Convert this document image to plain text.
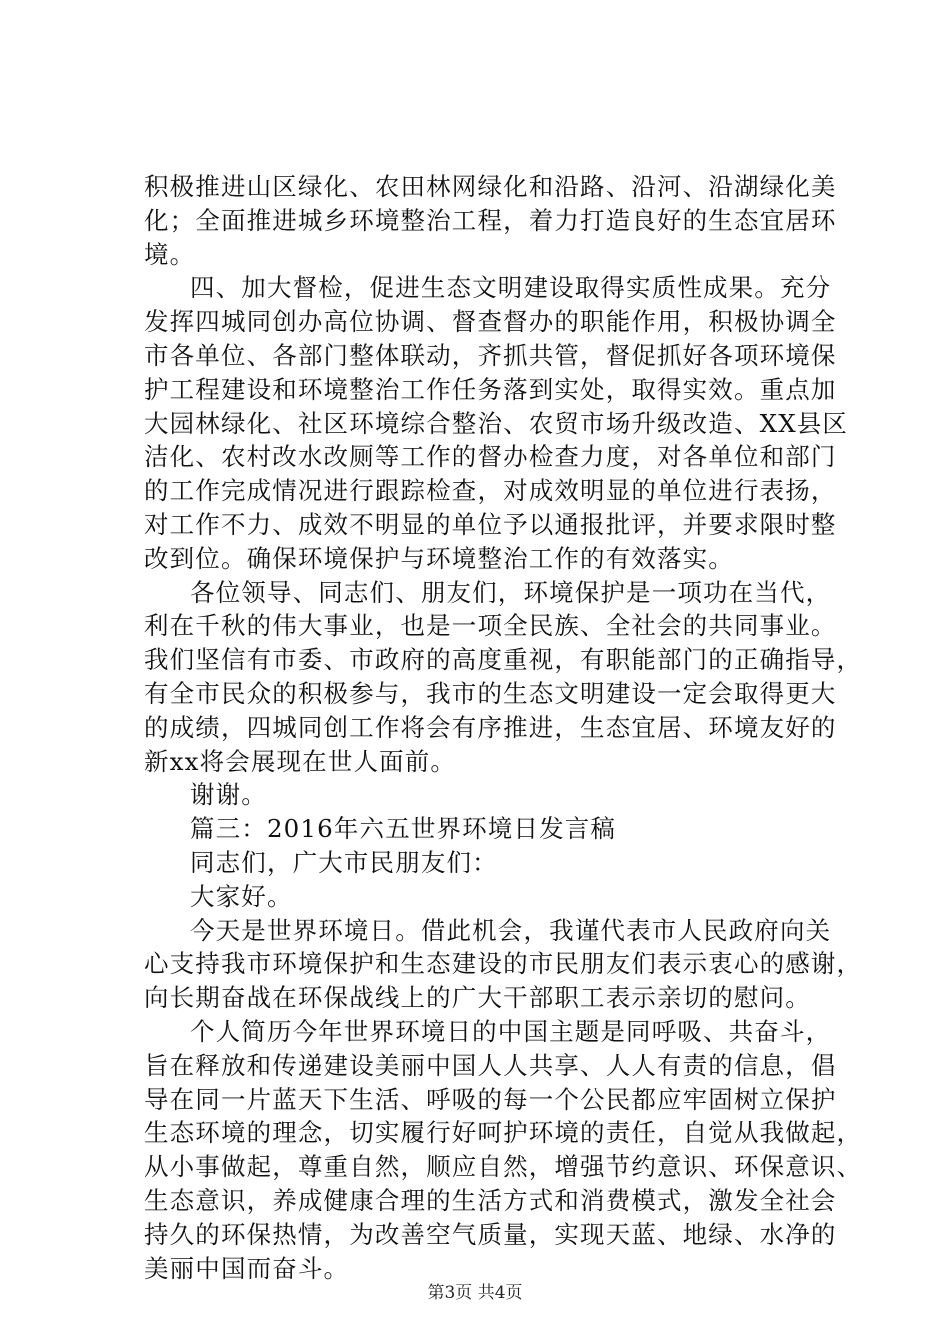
积极推进山区绿化、农田林网绿化和沿路、沿河、沿湖绿化美
化；全面推进城乡环境整治工程，着力打造良好的生态宜居环
境。
四、加大督检，促进生态文明建设取得实质性成果。充分
发挥四城同创办高位协调、督查督办的职能作用，积极协调全
市各单位、各部门整体联动，齐抓共管，督促抓好各项环境保
护工程建设和环境整治工作任务落到实处，取得实效。重点加
大园林绿化、社区环境综合整治、农贸市场升级改造、XX县区
洁化、农村改水改厕等工作的督办检查力度，对各单位和部门
的工作完成情况进行跟踪检查，对成效明显的单位进行表扬，
对工作不力、成效不明显的单位予以通报批评，并要求限时整
改到位。确保环境保护与环境整治工作的有效落实。
各位领导、同志们、朋友们，环境保护是一项功在当代，
利在千秋的伟大事业，也是一项全民族、全社会的共同事业。
我们坚信有市委、市政府的高度重视，有职能部门的正确指导，
有全市民众的积极参与，我市的生态文明建设一定会取得更大
的成绩，四城同创工作将会有序推进，生态宜居、环境友好的
新xx将会展现在世人面前。
谢谢。
篇三：2016年六五世界环境日发言稿
同志们，广大市民朋友们：
大家好。
今天是世界环境日。借此机会，我谨代表市人民政府向关
心支持我市环境保护和生态建设的市民朋友们表示衷心的感谢，
向长期奋战在环保战线上的广大干部职工表示亲切的慰问。
个人简历今年世界环境日的中国主题是同呼吸、共奋斗，
旨在释放和传递建设美丽中国人人共享、人人有责的信息，倡
导在同一片蓝天下生活、呼吸的每一个公民都应牢固树立保护
生态环境的理念，切实履行好呵护环境的责任，自觉从我做起，
从小事做起，尊重自然，顺应自然，增强节约意识、环保意识、
生态意识，养成健康合理的生活方式和消费模式，激发全社会
持久的环保热情，为改善空气质量，实现天蓝、地绿、水净的
美丽中国而奋斗。
第3页 共4页
